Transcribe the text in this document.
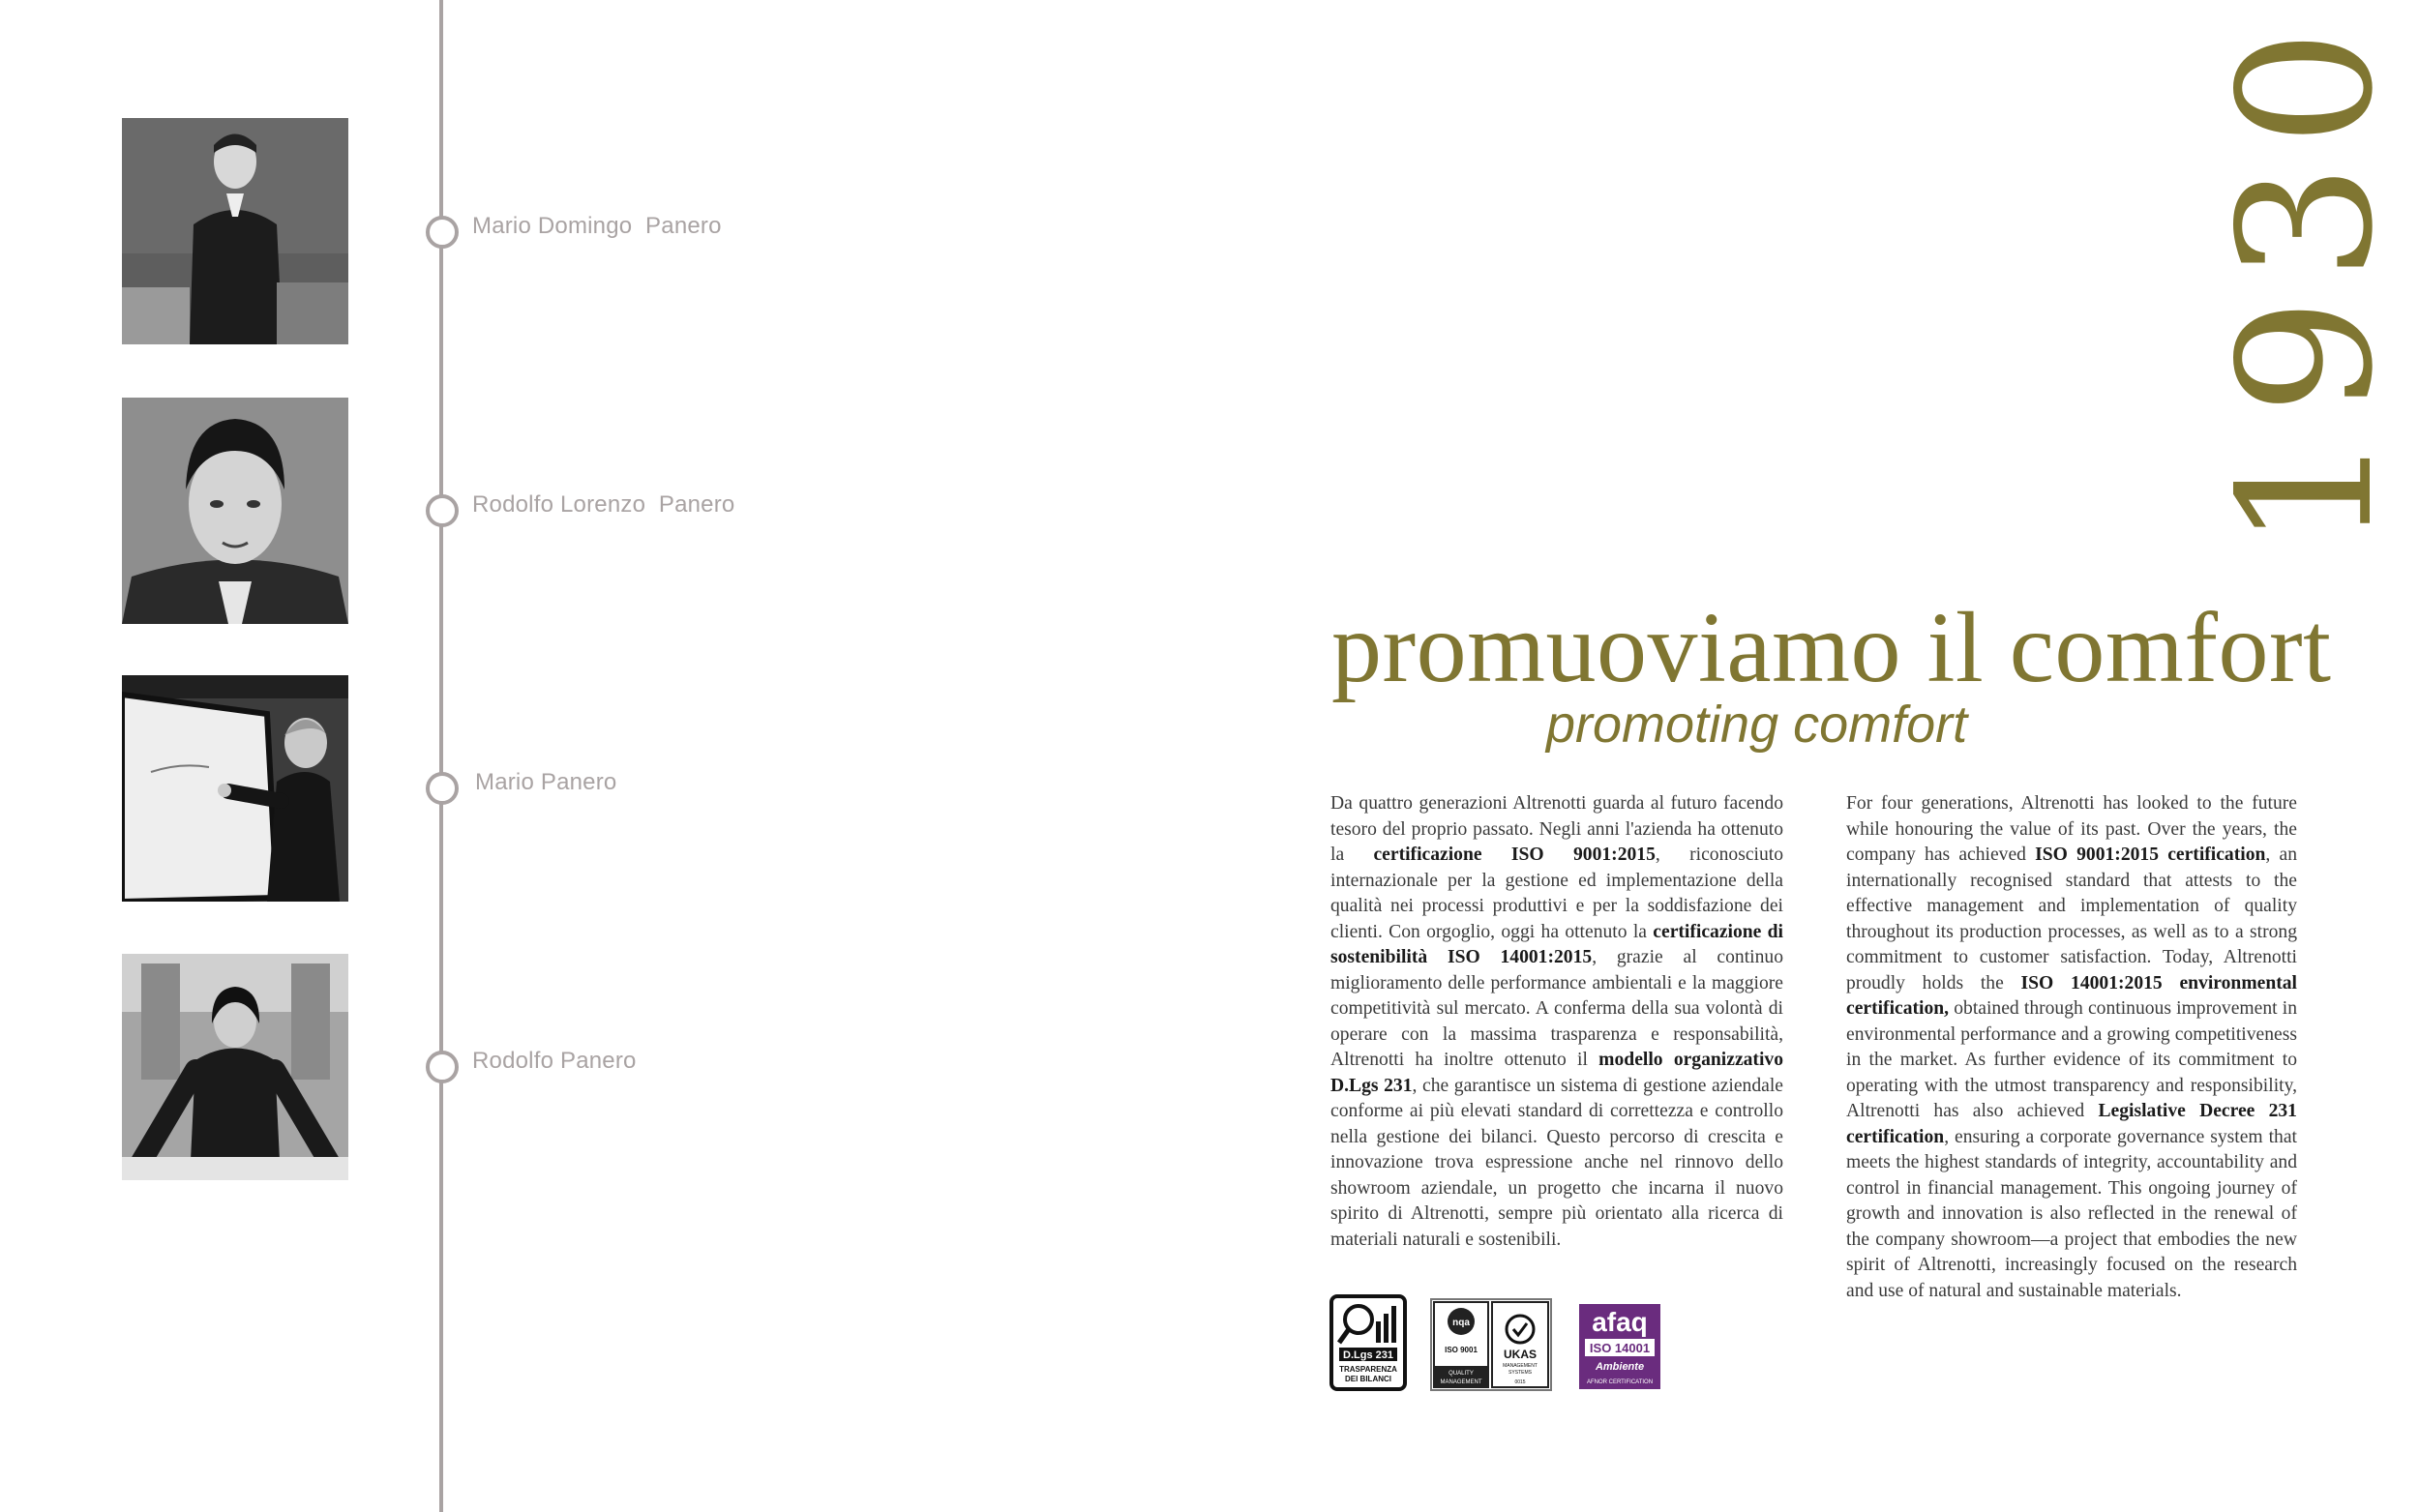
Mario Domingo  Panero
Rodolfo Lorenzo  Panero
Mario Panero
Rodolfo Panero
1930
promuoviamo il comfort
promoting comfort
Da quattro generazioni Altrenotti guarda al futuro facendo tesoro del proprio passato. Negli anni l'azienda ha ottenuto la certificazione ISO 9001:2015, riconosciuto internazionale per la gestione ed implementazione della qualità nei processi produttivi e per la soddisfazione dei clienti. Con orgoglio, oggi ha ottenuto la certificazione di sostenibilità ISO 14001:2015, grazie al continuo miglioramento delle performance ambientali e la maggiore competitività sul mercato. A conferma della sua volontà di operare con la massima trasparenza e responsabilità, Altrenotti ha inoltre ottenuto il modello organizzativo D.Lgs 231, che garantisce un sistema di gestione aziendale conforme ai più elevati standard di correttezza e controllo nella gestione dei bilanci. Questo percorso di crescita e innovazione trova espressione anche nel rinnovo dello showroom aziendale, un progetto che incarna il nuovo spirito di Altrenotti, sempre più orientato alla ricerca di materiali naturali e sostenibili.
For four generations, Altrenotti has looked to the future while honouring the value of its past. Over the years, the company has achieved ISO 9001:2015 certification, an internationally recognised standard that attests to the effective management and implementation of quality throughout its production processes, as well as to a strong commitment to customer satisfaction. Today, Altrenotti proudly holds the ISO 14001:2015 environmental certification, obtained through continuous improvement in environmental performance and a growing competitiveness in the market. As further evidence of its commitment to operating with the utmost transparency and responsibility, Altrenotti has also achieved Legislative Decree 231 certification, ensuring a corporate governance system that meets the highest standards of integrity, accountability and control in financial management. This ongoing journey of growth and innovation is also reflected in the renewal of the company showroom—a project that embodies the new spirit of Altrenotti, increasingly focused on the research and use of natural and sustainable materials.
D.Lgs 231
TRASPARENZA
DEI BILANCI
nqa
ISO 9001
QUALITY
MANAGEMENT
UKAS
MANAGEMENT
SYSTEMS
0015
afaq
ISO 14001
Ambiente
AFNOR CERTIFICATION
